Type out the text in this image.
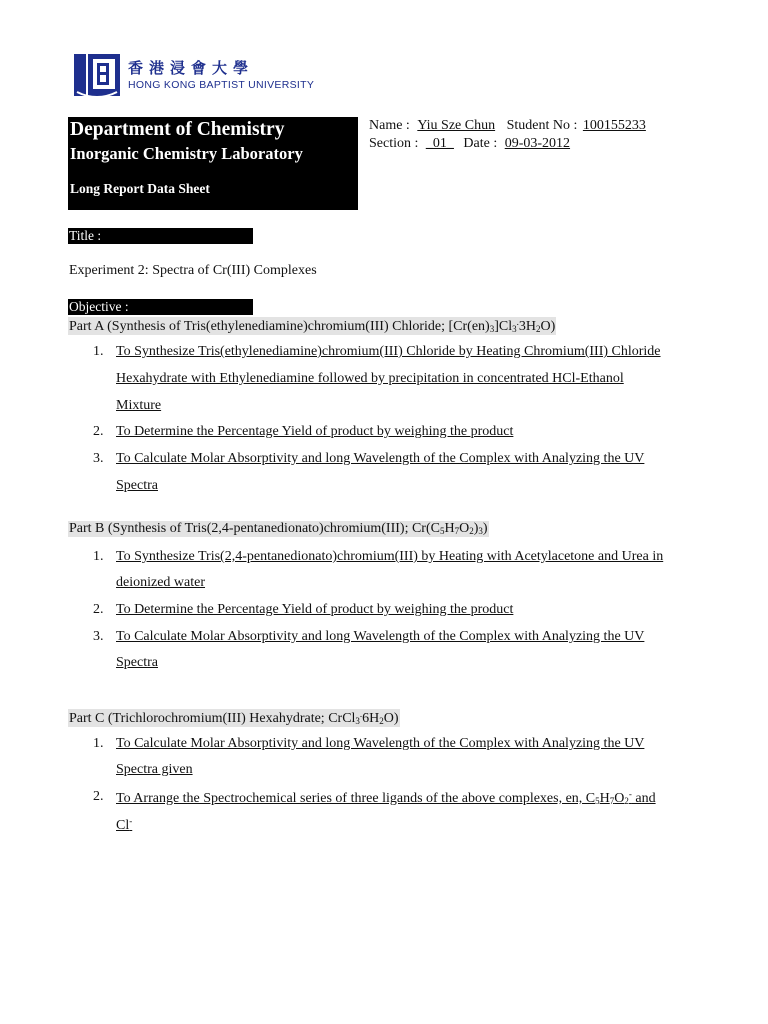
香港浸會大學
HONG KONG BAPTIST UNIVERSITY
Department of Chemistry
Inorganic Chemistry Laboratory
Long Report Data Sheet
Name : Yiu Sze Chun Student No : 100155233
Section : _01_ Date : 09-03-2012
Title :
Experiment 2: Spectra of Cr(III) Complexes
Objective :
Part A (Synthesis of Tris(ethylenediamine)chromium(III) Chloride; $[Cr(en)_3]Cl_3^.3H_2O$)
1. To Synthesize Tris(ethylenediamine)chromium(III) Chloride by Heating Chromium(III) Chloride
Hexahydrate with Ethylenediamine followed by precipitation in concentrated HCl-Ethanol
Mixture
2. To Determine the Percentage Yield of product by weighing the product
3. To Calculate Molar Absorptivity and long Wavelength of the Complex with Analyzing the UV
Spectra
Part B (Synthesis of Tris(2,4-pentanedionato)chromium(III); $Cr(C_5H_7O_2)_3$)
1. To Synthesize Tris(2,4-pentanedionato)chromium(III) by Heating with Acetylacetone and Urea in
deionized water
2. To Determine the Percentage Yield of product by weighing the product
3. To Calculate Molar Absorptivity and long Wavelength of the Complex with Analyzing the UV
Spectra
Part C (Trichlorochromium(III) Hexahydrate; $CrCl_3^.6H_2O$)
1. To Calculate Molar Absorptivity and long Wavelength of the Complex with Analyzing the UV
Spectra given
2. To Arrange the Spectrochemical series of three ligands of the above complexes, en, $C_5H_7O_2^-$ and
Cl-
